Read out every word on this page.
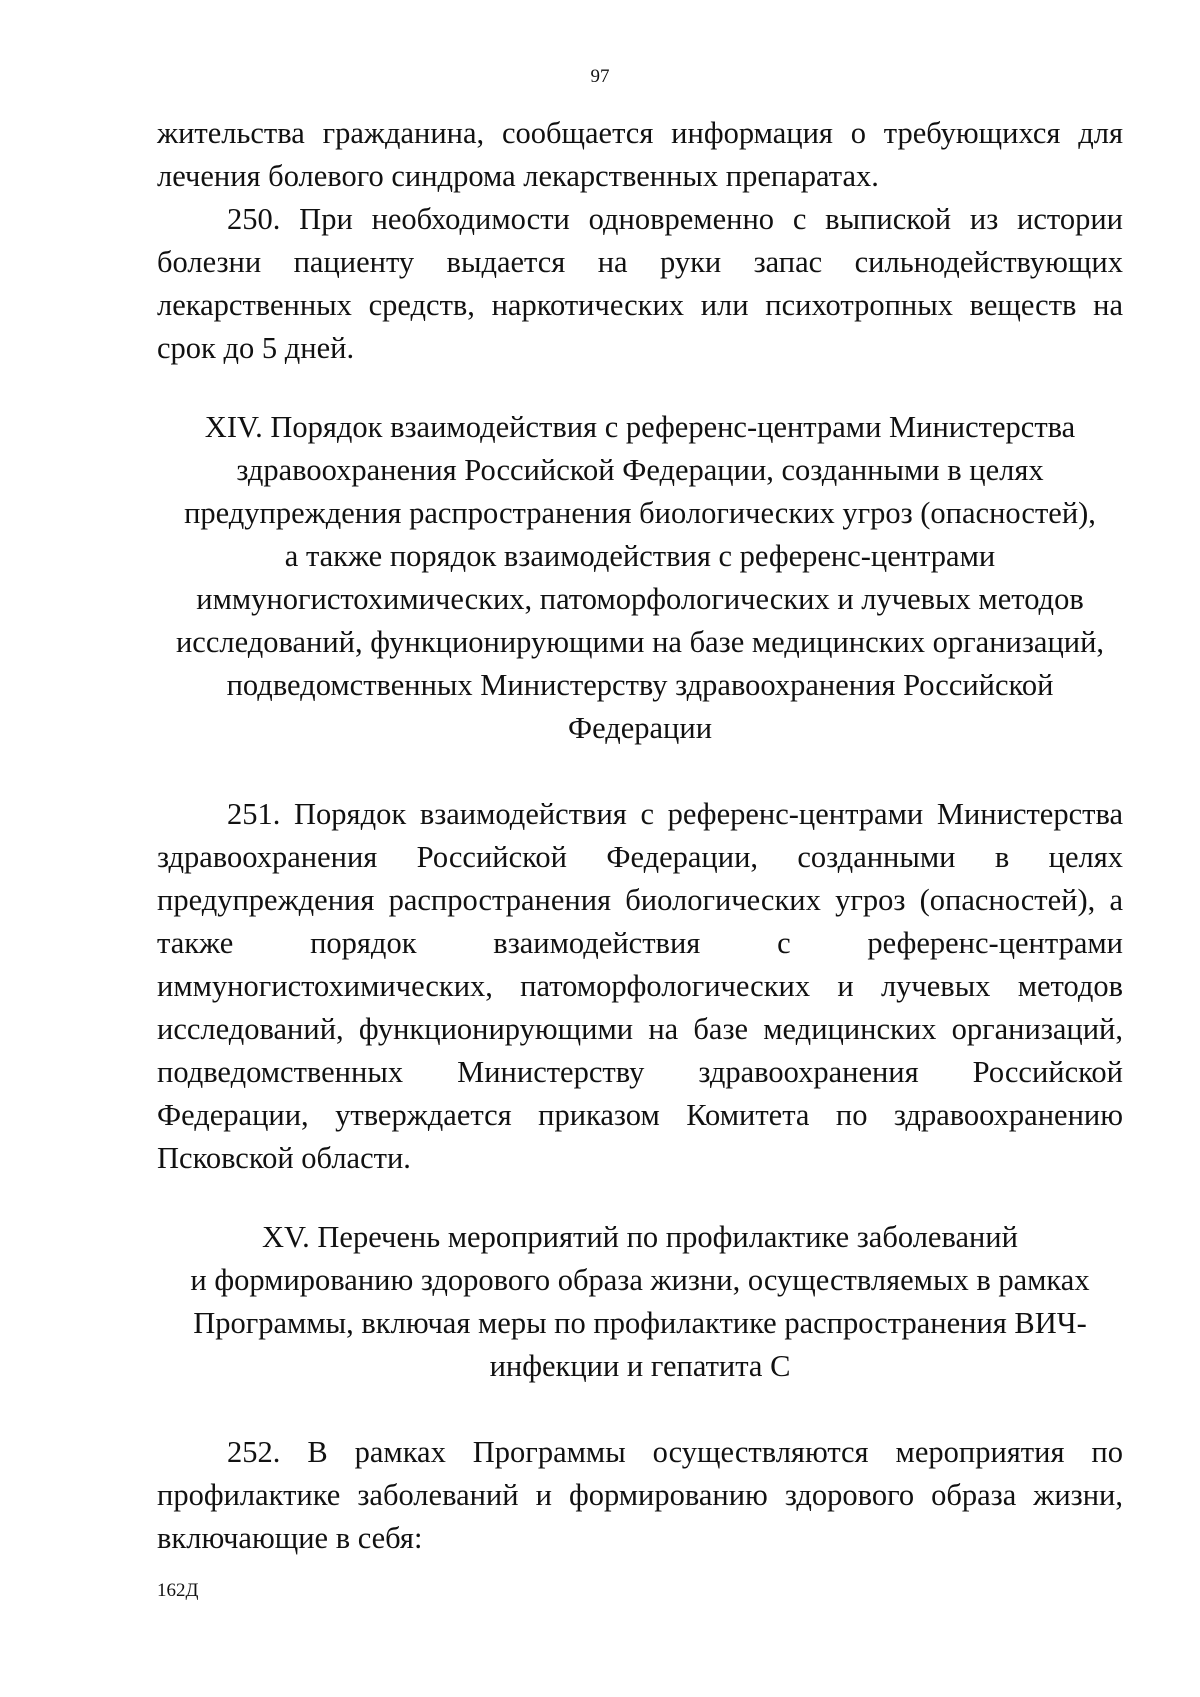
97

жительства гражданина, сообщается информация о требующихся для лечения болевого синдрома лекарственных препаратах.

250. При необходимости одновременно с выпиской из истории болезни пациенту выдается на руки запас сильнодействующих лекарственных средств, наркотических или психотропных веществ на срок до 5 дней.

XIV. Порядок взаимодействия с референс-центрами Министерства
здравоохранения Российской Федерации, созданными в целях
предупреждения распространения биологических угроз (опасностей),
а также порядок взаимодействия с референс-центрами
иммуногистохимических, патоморфологических и лучевых методов
исследований, функционирующими на базе медицинских организаций,
подведомственных Министерству здравоохранения Российской
Федерации

251. Порядок взаимодействия с референс-центрами Министерства здравоохранения Российской Федерации, созданными в целях предупреждения распространения биологических угроз (опасностей), а также порядок взаимодействия с референс-центрами иммуногистохимических, патоморфологических и лучевых методов исследований, функционирующими на базе медицинских организаций, подведомственных Министерству здравоохранения Российской Федерации, утверждается приказом Комитета по здравоохранению Псковской области.

XV. Перечень мероприятий по профилактике заболеваний
и формированию здорового образа жизни, осуществляемых в рамках
Программы, включая меры по профилактике распространения ВИЧ-
инфекции и гепатита С

252. В рамках Программы осуществляются мероприятия по профилактике заболеваний и формированию здорового образа жизни, включающие в себя:

162Д
